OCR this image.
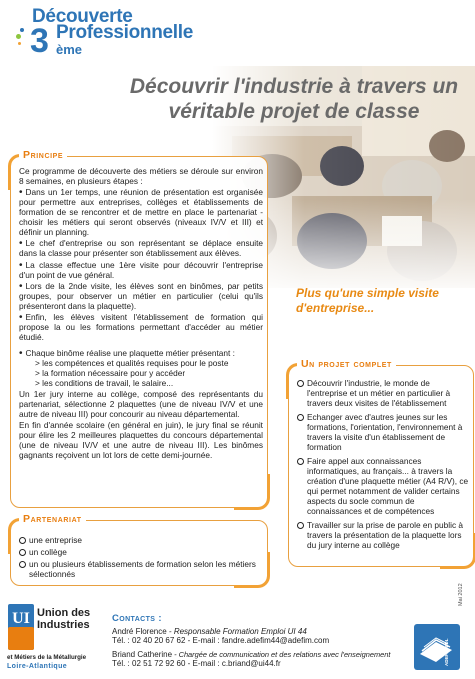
Découverte
3 Professionnelle
ème
Découvrir l'industrie à travers un véritable projet de classe
Principe

Ce programme de découverte des métiers se déroule sur environ 8 semaines, en plusieurs étapes :

• Dans un 1er temps, une réunion de présentation est organisée pour permettre aux entreprises, collèges et établissements de formation de se rencontrer et de mettre en place le partenariat - choisir les métiers qui seront observés (niveaux IV/V et III) et définir un planning.

• Le chef d'entreprise ou son représentant se déplace ensuite dans la classe pour présenter son établissement aux élèves.

• La classe effectue une 1ère visite pour découvrir l'entreprise d'un point de vue général.

• Lors de la 2nde visite, les élèves sont en binômes, par petits groupes, pour observer un métier en particulier (celui qu'ils présenteront dans la plaquette).

• Enfin, les élèves visitent l'établissement de formation qui propose la ou les formations permettant d'accéder au métier étudié.

• Chaque binôme réalise une plaquette métier présentant :

> les compétences et qualités requises pour le poste

> la formation nécessaire pour y accéder

> les conditions de travail, le salaire...

Un 1er jury interne au collège, composé des représentants du partenariat, sélectionne 2 plaquettes (une de niveau IV/V et une autre de niveau III) pour concourir au niveau départemental.

En fin d'année scolaire (en général en juin), le jury final se réunit pour élire les 2 meilleures plaquettes du concours départemental (une de niveau IV/V et une autre de niveau III). Les binômes gagnants reçoivent un lot lors de cette demi-journée.

Plus qu'une simple visite d'entreprise...
Un projet complet
Découvrir l'industrie, le monde de l'entreprise et un métier en particulier à travers deux visites de l'établissement
Echanger avec d'autres jeunes sur les formations, l'orientation, l'environnement à travers la visite d'un établissement de formation
Faire appel aux connaissances informatiques, au français... à travers la création d'une plaquette métier (A4 R/V), ce qui permet notamment de valider certains aspects du socle commun de connaissances et de compétences
Travailler sur la prise de parole en public à travers la présentation de la plaquette lors du jury interne au collège
Partenariat
une entreprise
un collège
un ou plusieurs établissements de formation selon les métiers sélectionnés
UI Union des
Industries
et Métiers de la Métallurgie
Loire-Atlantique
Contacts :
André Florence - Responsable Formation Emploi UI 44
Tél. : 02 40 20 67 62 - E-mail : fandre.adefim44@adefim.com
Briand Catherine - Chargée de communication et des relations avec l'enseignement
Tél. : 02 51 72 92 60 - E-mail : c.briand@ui44.fr
Mai 2012
ADEFIM PDL
